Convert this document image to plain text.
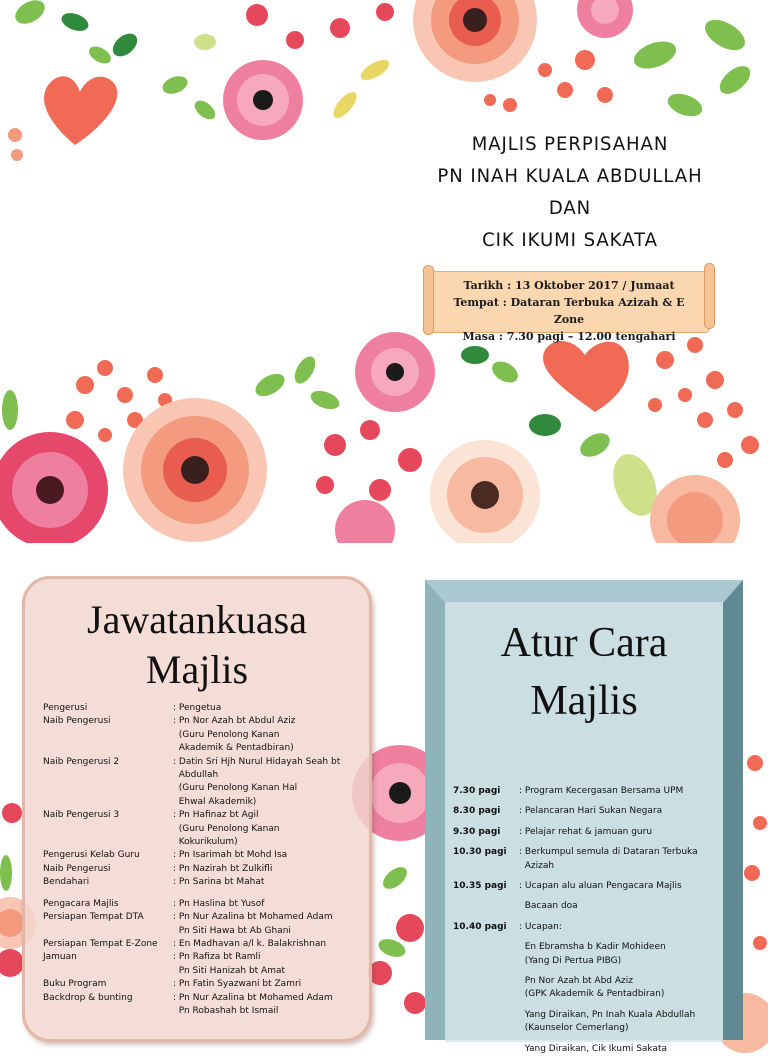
MAJLIS PERPISAHAN
PN INAH KUALA ABDULLAH
DAN
CIK IKUMI SAKATA
Tarikh : 13 Oktober 2017 / Jumaat
Tempat : Dataran Terbuka Azizah & E Zone
Masa : 7.30 pagi – 12.00 tengahari
Jawatankuasa
Majlis
Pengerusi	: Pengetua
Naib Pengerusi	: Pn Nor Azah bt Abdul Aziz
	(Guru Penolong Kanan
	Akademik & Pentadbiran)
Naib Pengerusi 2	: Datin Sri Hjh Nurul Hidayah Seah bt
	Abdullah
	(Guru Penolong Kanan Hal
	Ehwal Akademik)
Naib Pengerusi 3	: Pn Hafinaz bt Agil
	(Guru Penolong Kanan
	Kokurikulum)
Pengerusi Kelab Guru	: Pn Isarimah bt Mohd Isa
Naib Pengerusi	: Pn Nazirah bt Zulkifli
Bendahari	: Pn Sarina bt Mahat
Pengacara Majlis	: Pn Haslina bt Yusof
Persiapan Tempat DTA	: Pn Nur Azalina bt Mohamed Adam
	Pn Siti Hawa bt Ab Ghani
Persiapan Tempat E-Zone	: En Madhavan a/l k. Balakrishnan
Jamuan	: Pn Rafiza bt Ramli
	Pn Siti Hanizah bt Amat
Buku Program	: Pn Fatin Syazwani bt Zamri
Backdrop & bunting	: Pn Nur Azalina bt Mohamed Adam
	Pn Robashah bt Ismail
Atur Cara
Majlis
7.30 pagi	: Program Kecergasan Bersama UPM

8.30 pagi	: Pelancaran Hari Sukan Negara

9.30 pagi	: Pelajar rehat & jamuan guru

10.30 pagi	: Berkumpul semula di Dataran Terbuka
Azizah

10.35 pagi	: Ucapan alu aluan Pengacara Majlis

	Bacaan doa

10.40 pagi	: Ucapan:

	En Ebramsha b Kadir Mohideen
(Yang Di Pertua PIBG)

	Pn Nor Azah bt Abd Aziz
(GPK Akademik & Pentadbiran)

	Yang Diraikan, Pn Inah Kuala Abdullah
(Kaunselor Cemerlang)

	Yang Diraikan, Cik Ikumi Sakata
